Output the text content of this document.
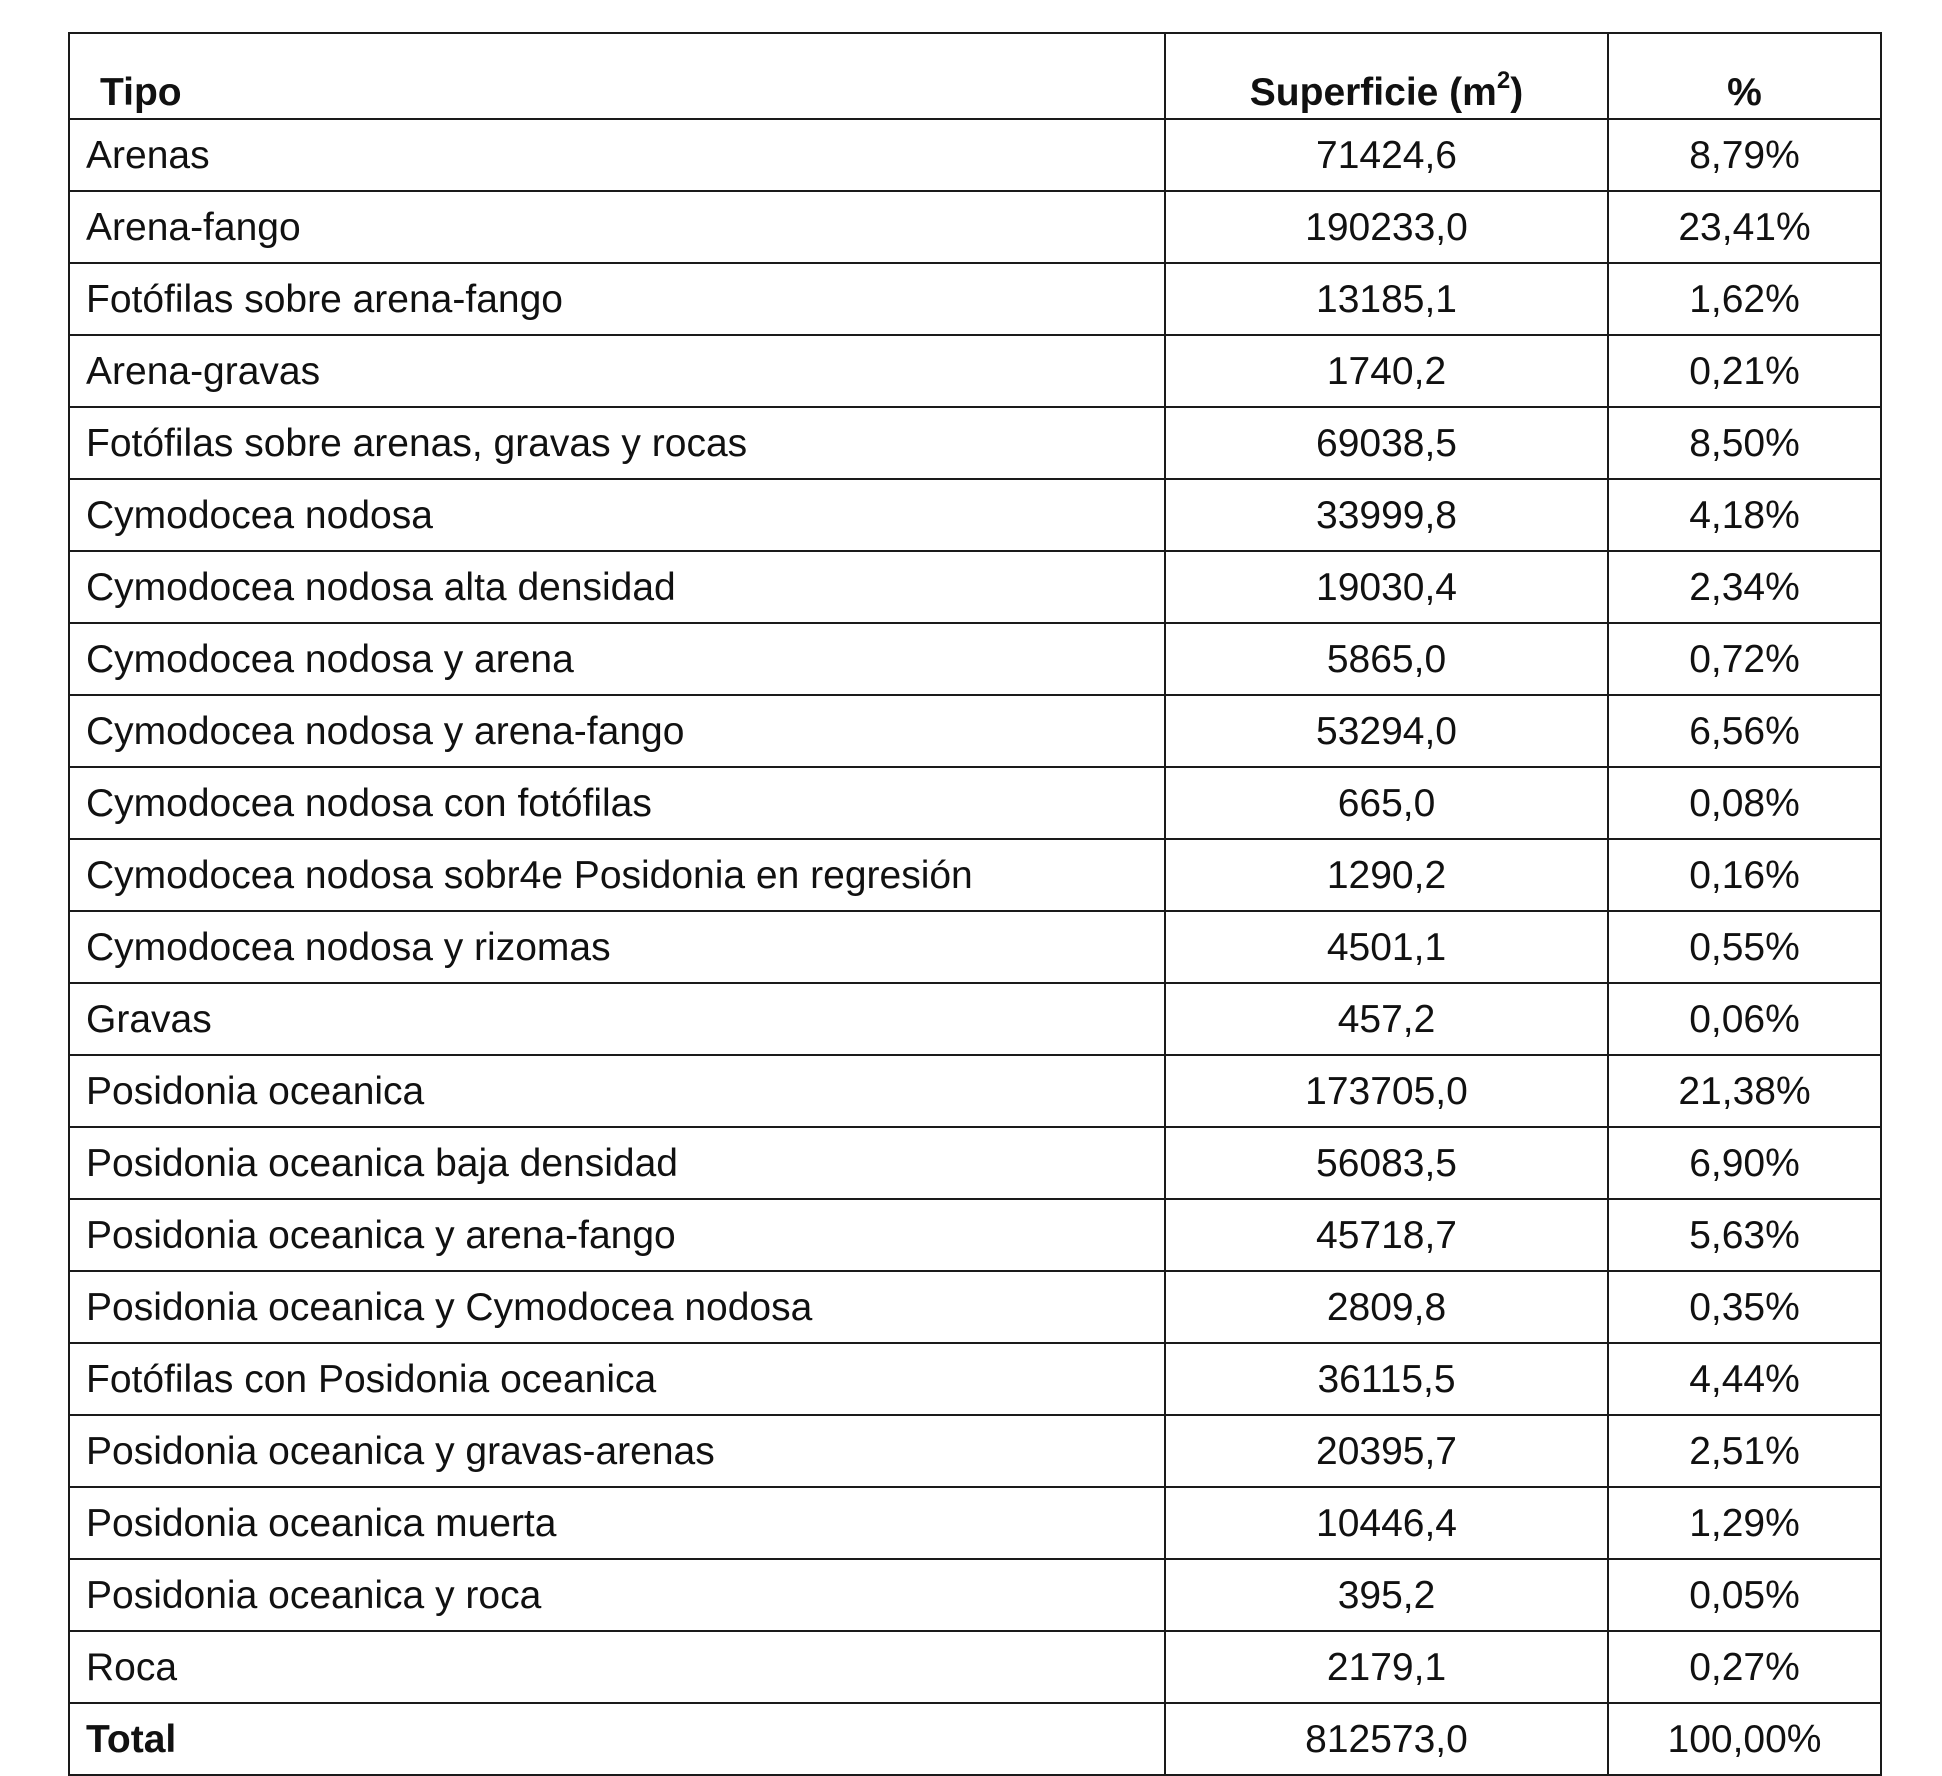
Tipo	Superficie $(m^2)$	%
Arenas	71424,6	8,79%
Arena-fango	190233,0	23,41%
Fotófilas sobre arena-fango	13185,1	1,62%
Arena-gravas	1740,2	0,21%
Fotófilas sobre arenas, gravas y rocas	69038,5	8,50%
Cymodocea nodosa	33999,8	4,18%
Cymodocea nodosa alta densidad	19030,4	2,34%
Cymodocea nodosa y arena	5865,0	0,72%
Cymodocea nodosa y arena-fango	53294,0	6,56%
Cymodocea nodosa con fotófilas	665,0	0,08%
Cymodocea nodosa sobr4e Posidonia en regresión	1290,2	0,16%
Cymodocea nodosa y rizomas	4501,1	0,55%
Gravas	457,2	0,06%
Posidonia oceanica	173705,0	21,38%
Posidonia oceanica baja densidad	56083,5	6,90%
Posidonia oceanica y arena-fango	45718,7	5,63%
Posidonia oceanica y Cymodocea nodosa	2809,8	0,35%
Fotófilas con Posidonia oceanica	36115,5	4,44%
Posidonia oceanica y gravas-arenas	20395,7	2,51%
Posidonia oceanica muerta	10446,4	1,29%
Posidonia oceanica y roca	395,2	0,05%
Roca	2179,1	0,27%
Total	812573,0	100,00%
